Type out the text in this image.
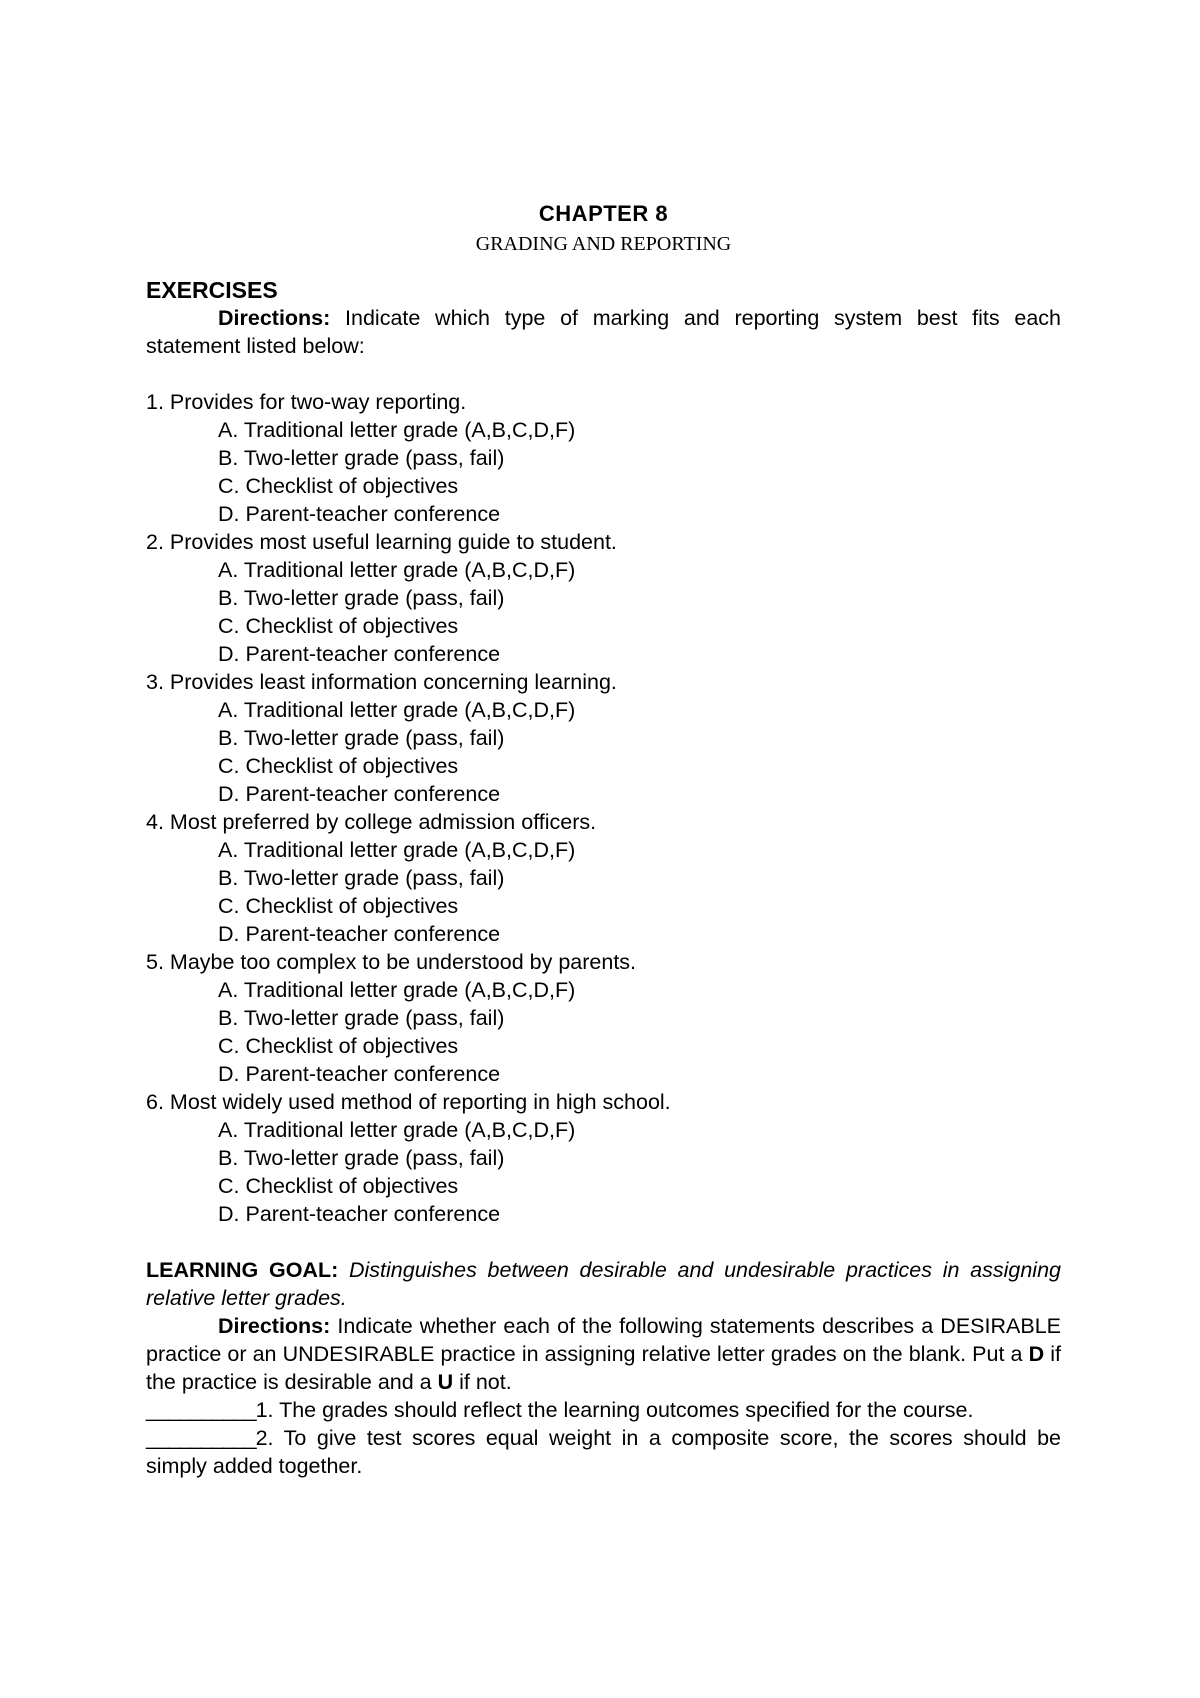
CHAPTER 8
GRADING AND REPORTING
EXERCISES
Directions: Indicate which type of marking and reporting system best fits each statement listed below:

1. Provides for two-way reporting.

A. Traditional letter grade (A,B,C,D,F)

B. Two-letter grade (pass, fail)

C. Checklist of objectives

D. Parent-teacher conference

2. Provides most useful learning guide to student.

A. Traditional letter grade (A,B,C,D,F)

B. Two-letter grade (pass, fail)

C. Checklist of objectives

D. Parent-teacher conference

3. Provides least information concerning learning.

A. Traditional letter grade (A,B,C,D,F)

B. Two-letter grade (pass, fail)

C. Checklist of objectives

D. Parent-teacher conference

4. Most preferred by college admission officers.

A. Traditional letter grade (A,B,C,D,F)

B. Two-letter grade (pass, fail)

C. Checklist of objectives

D. Parent-teacher conference

5. Maybe too complex to be understood by parents.

A. Traditional letter grade (A,B,C,D,F)

B. Two-letter grade (pass, fail)

C. Checklist of objectives

D. Parent-teacher conference

6. Most widely used method of reporting in high school.

A. Traditional letter grade (A,B,C,D,F)

B. Two-letter grade (pass, fail)

C. Checklist of objectives

D. Parent-teacher conference

LEARNING GOAL: Distinguishes between desirable and undesirable practices in assigning relative letter grades.
Directions: Indicate whether each of the following statements describes a DESIRABLE practice or an UNDESIRABLE practice in assigning relative letter grades on the blank. Put a D if the practice is desirable and a U if not.
__________1. The grades should reflect the learning outcomes specified for the course.
__________2. To give test scores equal weight in a composite score, the scores should be simply added together.
